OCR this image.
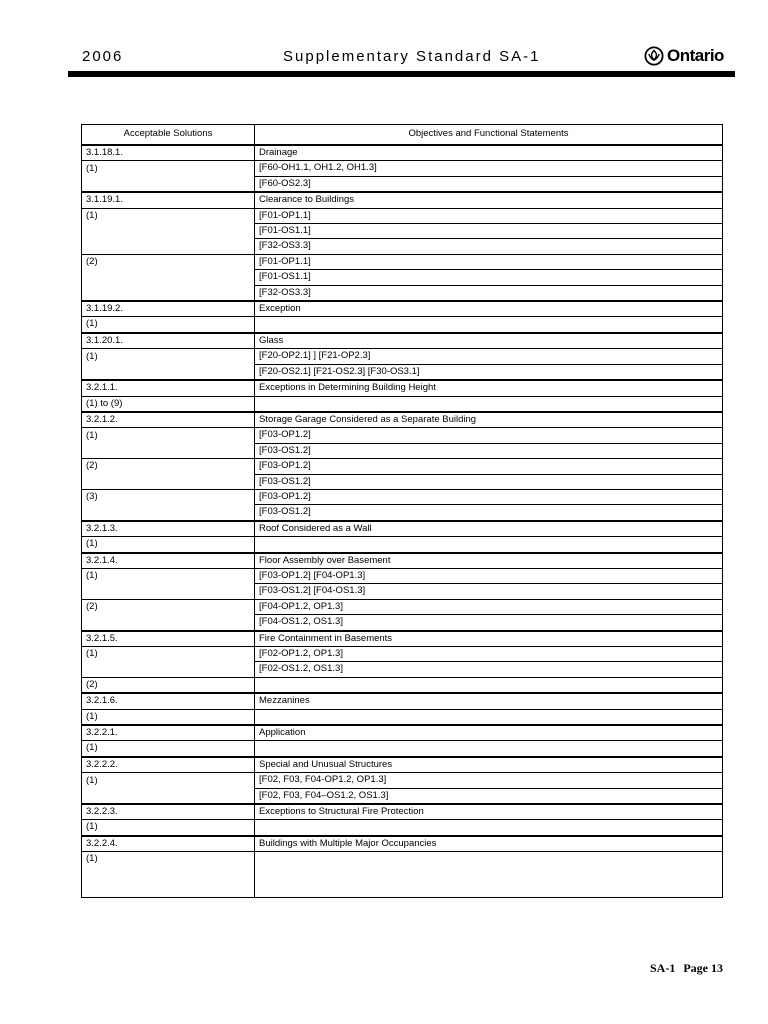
2006	Supplementary Standard SA-1	Ontario
Acceptable Solutions	Objectives and Functional Statements
3.1.18.1.	Drainage
(1)	[F60-OH1.1, OH1.2, OH1.3]
	[F60-OS2.3]
3.1.19.1.	Clearance to Buildings
(1)	[F01-OP1.1]
	[F01-OS1.1]
	[F32-OS3.3]
(2)	[F01-OP1.1]
	[F01-OS1.1]
	[F32-OS3.3]
3.1.19.2.	Exception
(1)	
3.1.20.1.	Glass
(1)	[F20-OP2.1] ] [F21-OP2.3]
	[F20-OS2.1] [F21-OS2.3] [F30-OS3.1]
3.2.1.1.	Exceptions in Determining Building Height
(1) to (9)	
3.2.1.2.	Storage Garage Considered as a Separate Building
(1)	[F03-OP1.2]
	[F03-OS1.2]
(2)	[F03-OP1.2]
	[F03-OS1.2]
(3)	[F03-OP1.2]
	[F03-OS1.2]
3.2.1.3.	Roof Considered as a Wall
(1)	
3.2.1.4.	Floor Assembly over Basement
(1)	[F03-OP1.2] [F04-OP1.3]
	[F03-OS1.2] [F04-OS1.3]
(2)	[F04-OP1.2, OP1.3]
	[F04-OS1.2, OS1.3]
3.2.1.5.	Fire Containment in Basements
(1)	[F02-OP1.2, OP1.3]
	[F02-OS1.2, OS1.3]
(2)	
3.2.1.6.	Mezzanines
(1)	
3.2.2.1.	Application
(1)	
3.2.2.2.	Special and Unusual Structures
(1)	[F02, F03, F04-OP1.2, OP1.3]
	[F02, F03, F04–OS1.2, OS1.3]
3.2.2.3.	Exceptions to Structural Fire Protection
(1)	
3.2.2.4.	Buildings with Multiple Major Occupancies
(1)	
SA-1 Page 13
